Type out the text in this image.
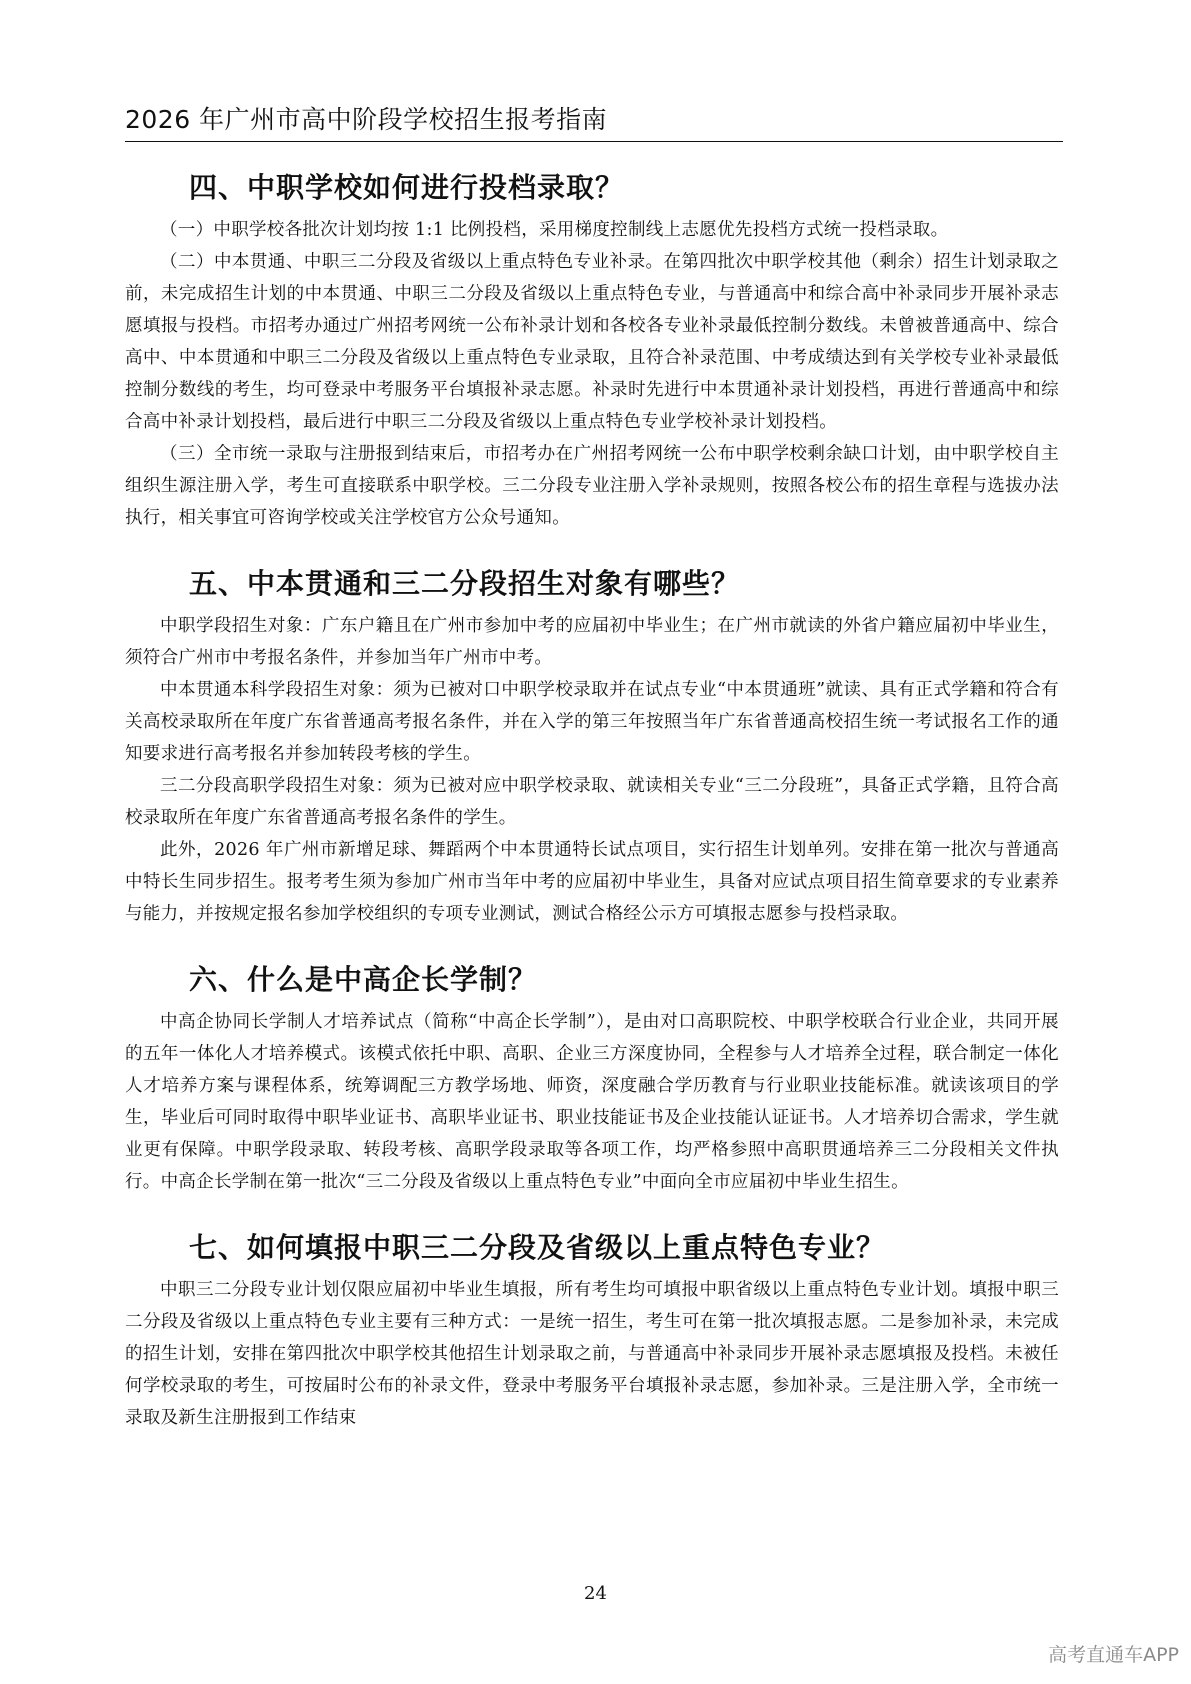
2026 年广州市高中阶段学校招生报考指南
四、中职学校如何进行投档录取？

（一）中职学校各批次计划均按 1:1 比例投档，采用梯度控制线上志愿优先投档方式统一投档录取。

（二）中本贯通、中职三二分段及省级以上重点特色专业补录。在第四批次中职学校其他（剩余）招生计划录取之前，未完成招生计划的中本贯通、中职三二分段及省级以上重点特色专业，与普通高中和综合高中补录同步开展补录志愿填报与投档。市招考办通过广州招考网统一公布补录计划和各校各专业补录最低控制分数线。未曾被普通高中、综合高中、中本贯通和中职三二分段及省级以上重点特色专业录取，且符合补录范围、中考成绩达到有关学校专业补录最低控制分数线的考生，均可登录中考服务平台填报补录志愿。补录时先进行中本贯通补录计划投档，再进行普通高中和综合高中补录计划投档，最后进行中职三二分段及省级以上重点特色专业学校补录计划投档。

（三）全市统一录取与注册报到结束后，市招考办在广州招考网统一公布中职学校剩余缺口计划，由中职学校自主组织生源注册入学，考生可直接联系中职学校。三二分段专业注册入学补录规则，按照各校公布的招生章程与选拔办法执行，相关事宜可咨询学校或关注学校官方公众号通知。

五、中本贯通和三二分段招生对象有哪些？

中职学段招生对象：广东户籍且在广州市参加中考的应届初中毕业生；在广州市就读的外省户籍应届初中毕业生，须符合广州市中考报名条件，并参加当年广州市中考。

中本贯通本科学段招生对象：须为已被对口中职学校录取并在试点专业“中本贯通班”就读、具有正式学籍和符合有关高校录取所在年度广东省普通高考报名条件，并在入学的第三年按照当年广东省普通高校招生统一考试报名工作的通知要求进行高考报名并参加转段考核的学生。

三二分段高职学段招生对象：须为已被对应中职学校录取、就读相关专业“三二分段班”，具备正式学籍，且符合高校录取所在年度广东省普通高考报名条件的学生。

此外，2026 年广州市新增足球、舞蹈两个中本贯通特长试点项目，实行招生计划单列。安排在第一批次与普通高中特长生同步招生。报考考生须为参加广州市当年中考的应届初中毕业生，具备对应试点项目招生简章要求的专业素养与能力，并按规定报名参加学校组织的专项专业测试，测试合格经公示方可填报志愿参与投档录取。

六、什么是中高企长学制？

中高企协同长学制人才培养试点（简称“中高企长学制”），是由对口高职院校、中职学校联合行业企业，共同开展的五年一体化人才培养模式。该模式依托中职、高职、企业三方深度协同，全程参与人才培养全过程，联合制定一体化人才培养方案与课程体系，统筹调配三方教学场地、师资，深度融合学历教育与行业职业技能标准。就读该项目的学生，毕业后可同时取得中职毕业证书、高职毕业证书、职业技能证书及企业技能认证证书。人才培养切合需求，学生就业更有保障。中职学段录取、转段考核、高职学段录取等各项工作，均严格参照中高职贯通培养三二分段相关文件执行。中高企长学制在第一批次“三二分段及省级以上重点特色专业”中面向全市应届初中毕业生招生。

七、如何填报中职三二分段及省级以上重点特色专业？

中职三二分段专业计划仅限应届初中毕业生填报，所有考生均可填报中职省级以上重点特色专业计划。填报中职三二分段及省级以上重点特色专业主要有三种方式：一是统一招生，考生可在第一批次填报志愿。二是参加补录，未完成的招生计划，安排在第四批次中职学校其他招生计划录取之前，与普通高中补录同步开展补录志愿填报及投档。未被任何学校录取的考生，可按届时公布的补录文件，登录中考服务平台填报补录志愿，参加补录。三是注册入学，全市统一录取及新生注册报到工作结束

24
高考直通车APP
